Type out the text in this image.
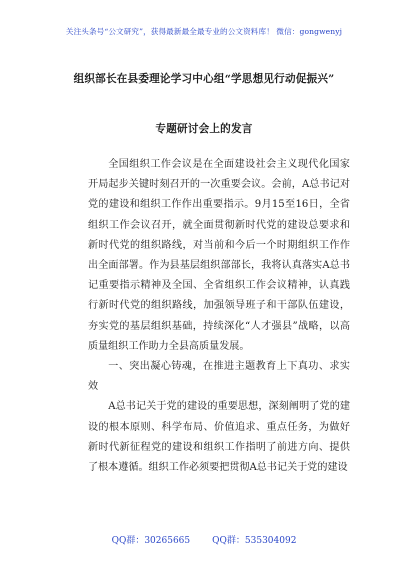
关注头条号“公文研究”，获得最新最全最专业的公文资料库！ 微信：gongwenyj
组织部长在县委理论学习中心组“学思想见行动促振兴”
专题研讨会上的发言

全国组织工作会议是在全面建设社会主义现代化国家开局起步关键时刻召开的一次重要会议。会前，A总书记对党的建设和组织工作作出重要指示。9月15至16日，全省组织工作会议召开，就全面贯彻新时代党的建设总要求和新时代党的组织路线，对当前和今后一个时期组织工作作出全面部署。作为县基层组织部部长，我将认真落实A总书记重要指示精神及全国、全省组织工作会议精神，认真践行新时代党的组织路线，加强领导班子和干部队伍建设，夯实党的基层组织基础，持续深化“人才强县”战略，以高质量组织工作助力全县高质量发展。

一、突出凝心铸魂，在推进主题教育上下真功、求实效

A总书记关于党的建设的重要思想，深刻阐明了党的建设的根本原则、科学布局、价值追求、重点任务，为做好新时代新征程党的建设和组织工作指明了前进方向、提供了根本遵循。组织工作必须要把贯彻A总书记关于党的建设

QQ群：30265665 QQ群：535304092
